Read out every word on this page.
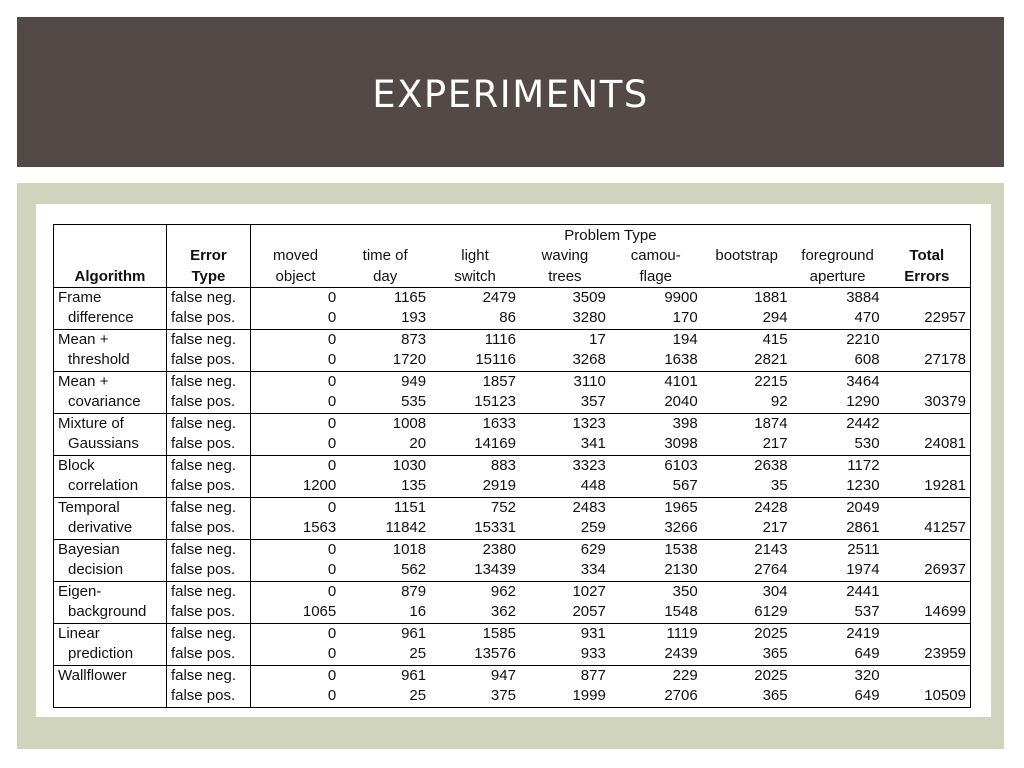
EXPERIMENTS
		Problem Type							
	Error	moved	time of	light	waving	camou-	bootstrap	foreground	Total
Algorithm	Type	object	day	switch	trees	flage		aperture	Errors
Frame	false neg.	0	1165	2479	3509	9900	1881	3884	
difference	false pos.	0	193	86	3280	170	294	470	22957
Mean +	false neg.	0	873	1116	17	194	415	2210	
threshold	false pos.	0	1720	15116	3268	1638	2821	608	27178
Mean +	false neg.	0	949	1857	3110	4101	2215	3464	
covariance	false pos.	0	535	15123	357	2040	92	1290	30379
Mixture of	false neg.	0	1008	1633	1323	398	1874	2442	
Gaussians	false pos.	0	20	14169	341	3098	217	530	24081
Block	false neg.	0	1030	883	3323	6103	2638	1172	
correlation	false pos.	1200	135	2919	448	567	35	1230	19281
Temporal	false neg.	0	1151	752	2483	1965	2428	2049	
derivative	false pos.	1563	11842	15331	259	3266	217	2861	41257
Bayesian	false neg.	0	1018	2380	629	1538	2143	2511	
decision	false pos.	0	562	13439	334	2130	2764	1974	26937
Eigen-	false neg.	0	879	962	1027	350	304	2441	
background	false pos.	1065	16	362	2057	1548	6129	537	14699
Linear	false neg.	0	961	1585	931	1119	2025	2419	
prediction	false pos.	0	25	13576	933	2439	365	649	23959
Wallflower	false neg.	0	961	947	877	229	2025	320	
	false pos.	0	25	375	1999	2706	365	649	10509
